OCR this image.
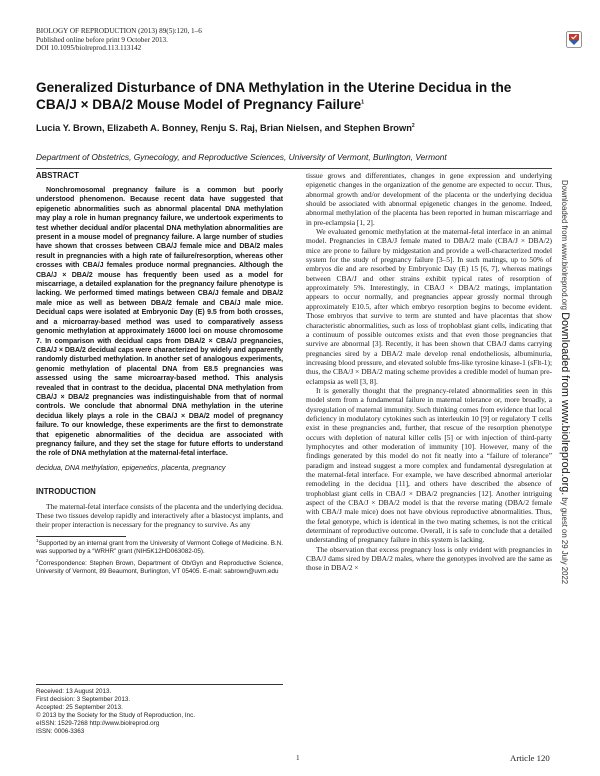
BIOLOGY OF REPRODUCTION (2013) 89(5):120, 1–6
Published online before print 9 October 2013.
DOI 10.1095/biolreprod.113.113142
Generalized Disturbance of DNA Methylation in the Uterine Decidua in the CBA/J × DBA/2 Mouse Model of Pregnancy Failure$^1$
Lucia Y. Brown, Elizabeth A. Bonney, Renju S. Raj, Brian Nielsen, and Stephen Brown$^2$
Department of Obstetrics, Gynecology, and Reproductive Sciences, University of Vermont, Burlington, Vermont
ABSTRACT

Nonchromosomal pregnancy failure is a common but poorly understood phenomenon. Because recent data have suggested that epigenetic abnormalities such as abnormal placental DNA methylation may play a role in human pregnancy failure, we undertook experiments to test whether decidual and/or placental DNA methylation abnormalities are present in a mouse model of pregnancy failure. A large number of studies have shown that crosses between CBA/J female mice and DBA/2 males result in pregnancies with a high rate of failure/resorption, whereas other crosses with CBA/J females produce normal pregnancies. Although the CBA/J × DBA/2 mouse has frequently been used as a model for miscarriage, a detailed explanation for the pregnancy failure phenotype is lacking. We performed timed matings between CBA/J female and DBA/2 male mice as well as between DBA/2 female and CBA/J male mice. Decidual caps were isolated at Embryonic Day (E) 9.5 from both crosses, and a microarray-based method was used to comparatively assess genomic methylation at approximately 16000 loci on mouse chromosome 7. In comparison with decidual caps from DBA/2 × CBA/J pregnancies, CBA/J × DBA/2 decidual caps were characterized by widely and apparently randomly disturbed methylation. In another set of analogous experiments, genomic methylation of placental DNA from E8.5 pregnancies was assessed using the same microarray-based method. This analysis revealed that in contrast to the decidua, placental DNA methylation from CBA/J × DBA/2 pregnancies was indistinguishable from that of normal controls. We conclude that abnormal DNA methylation in the uterine decidua likely plays a role in the CBA/J × DBA/2 model of pregnancy failure. To our knowledge, these experiments are the first to demonstrate that epigenetic abnormalities of the decidua are associated with pregnancy failure, and they set the stage for future efforts to understand the role of DNA methylation at the maternal-fetal interface.

decidua, DNA methylation, epigenetics, placenta, pregnancy

INTRODUCTION

The maternal-fetal interface consists of the placenta and the underlying decidua. These two tissues develop rapidly and interactively after a blastocyst implants, and their proper interaction is necessary for the pregnancy to survive. As any

$^1$Supported by an internal grant from the University of Vermont College of Medicine. B.N. was supported by a “WRHR” grant (NIH5K12HD063082-05).

$^2$Correspondence: Stephen Brown, Department of Ob/Gyn and Reproductive Science, University of Vermont, 89 Beaumont, Burlington, VT 05405. E-mail: sabrown@uvm.edu

Received: 13 August 2013.
First decision: 3 September 2013.
Accepted: 25 September 2013.
© 2013 by the Society for the Study of Reproduction, Inc.
eISSN: 1529-7268 http://www.biolreprod.org
ISSN: 0006-3363

tissue grows and differentiates, changes in gene expression and underlying epigenetic changes in the organization of the genome are expected to occur. Thus, abnormal growth and/or development of the placenta or the underlying decidua should be associated with abnormal epigenetic changes in the genome. Indeed, abnormal methylation of the placenta has been reported in human miscarriage and in pre-eclampsia [1, 2].

We evaluated genomic methylation at the maternal-fetal interface in an animal model. Pregnancies in CBA/J female mated to DBA/2 male (CBA/J × DBA/2) mice are prone to failure by midgestation and provide a well-characterized model system for the study of pregnancy failure [3–5]. In such matings, up to 50% of embryos die and are resorbed by Embryonic Day (E) 15 [6, 7], whereas matings between CBA/J and other strains exhibit typical rates of resorption of approximately 5%. Interestingly, in CBA/J × DBA/2 matings, implantation appears to occur normally, and pregnancies appear grossly normal through approximately E10.5, after which embryo resorption begins to become evident. Those embryos that survive to term are stunted and have placentas that show characteristic abnormalities, such as loss of trophoblast giant cells, indicating that a continuum of possible outcomes exists and that even those pregnancies that survive are abnormal [3]. Recently, it has been shown that CBA/J dams carrying pregnancies sired by a DBA/2 male develop renal endotheliosis, albuminuria, increasing blood pressure, and elevated soluble fms-like tyrosine kinase-1 (sFlt-1); thus, the CBA/J × DBA/2 mating scheme provides a credible model of human pre-eclampsia as well [3, 8].

It is generally thought that the pregnancy-related abnormalities seen in this model stem from a fundamental failure in maternal tolerance or, more broadly, a dysregulation of maternal immunity. Such thinking comes from evidence that local deficiency in modulatory cytokines such as interleukin 10 [9] or regulatory T cells exist in these pregnancies and, further, that rescue of the resorption phenotype occurs with depletion of natural killer cells [5] or with injection of third-party lymphocytes and other moderation of immunity [10]. However, many of the findings generated by this model do not fit neatly into a “failure of tolerance” paradigm and instead suggest a more complex and fundamental dysregulation at the maternal-fetal interface. For example, we have described abnormal arteriolar remodeling in the decidua [11], and others have described the absence of trophoblast giant cells in CBA/J × DBA/2 pregnancies [12]. Another intriguing aspect of the CBA/J × DBA/2 model is that the reverse mating (DBA/2 female with CBA/J male mice) does not have obvious reproductive abnormalities. Thus, the fetal genotype, which is identical in the two mating schemes, is not the critical determinant of reproductive outcome. Overall, it is safe to conclude that a detailed understanding of pregnancy failure in this system is lacking.

The observation that excess pregnancy loss is only evident with pregnancies in CBA/J dams sired by DBA/2 males, where the genotypes involved are the same as those in DBA/2 ×

1	Article 120
Downloaded from www.biolreprod.org Downloaded from www.biolreprod.org. by guest on 29 July 2022
